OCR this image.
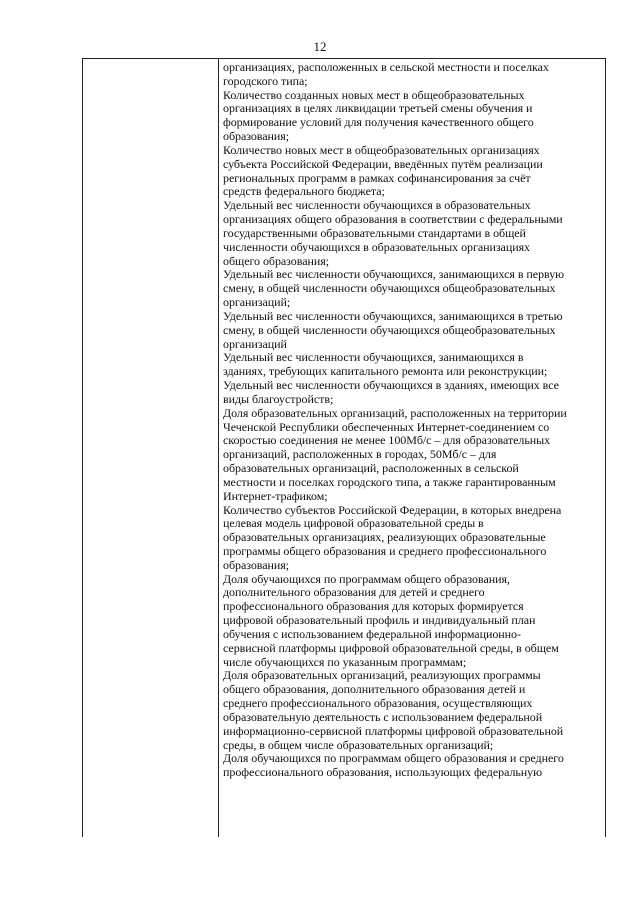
12
организациях, расположенных в сельской местности и поселках
городского типа;
Количество созданных новых мест в общеобразовательных
организациях в целях ликвидации третьей смены обучения и
формирование условий для получения качественного общего
образования;
Количество новых мест в общеобразовательных организациях
субъекта Российской Федерации, введённых путём реализации
региональных программ в рамках софинансирования за счёт
средств федерального бюджета;
Удельный вес численности обучающихся в образовательных
организациях общего образования в соответствии с федеральными
государственными образовательными стандартами в общей
численности обучающихся в образовательных организациях
общего образования;
Удельный вес численности обучающихся, занимающихся в первую
смену, в общей численности обучающихся общеобразовательных
организаций;
Удельный вес численности обучающихся, занимающихся в третью
смену, в общей численности обучающихся общеобразовательных
организаций
Удельный вес численности обучающихся, занимающихся в
зданиях, требующих капитального ремонта или реконструкции;
Удельный вес численности обучающихся в зданиях, имеющих все
виды благоустройств;
Доля образовательных организаций, расположенных на территории
Чеченской Республики обеспеченных Интернет-соединением со
скоростью соединения не менее 100Мб/с – для образовательных
организаций, расположенных в городах, 50Мб/с – для
образовательных организаций, расположенных в сельской
местности и поселках городского типа, а также гарантированным
Интернет-трафиком;
Количество субъектов Российской Федерации, в которых внедрена
целевая модель цифровой образовательной среды в
образовательных организациях, реализующих образовательные
программы общего образования и среднего профессионального
образования;
Доля обучающихся по программам общего образования,
дополнительного образования для детей и среднего
профессионального образования для которых формируется
цифровой образовательный профиль и индивидуальный план
обучения с использованием федеральной информационно-
сервисной платформы цифровой образовательной среды, в общем
числе обучающихся по указанным программам;
Доля образовательных организаций, реализующих программы
общего образования, дополнительного образования детей и
среднего профессионального образования, осуществляющих
образовательную деятельность с использованием федеральной
информационно-сервисной платформы цифровой образовательной
среды, в общем числе образовательных организаций;
Доля обучающихся по программам общего образования и среднего
профессионального образования, использующих федеральную
